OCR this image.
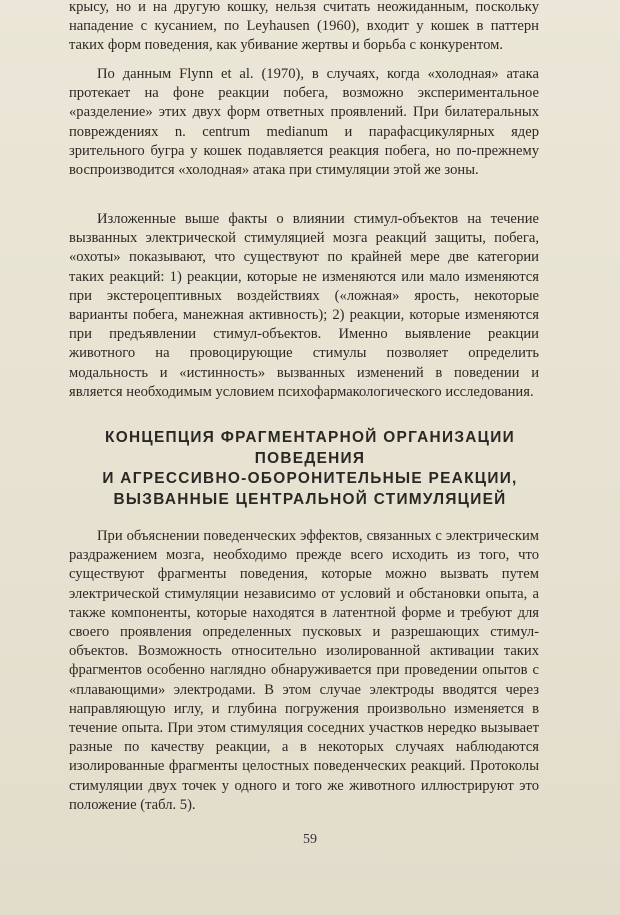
крысу, но и на другую кошку, нельзя считать неожиданным, поскольку нападение с кусанием, по Leyhausen (1960), входит у кошек в паттерн таких форм поведения, как убивание жертвы и борьба с конкурентом.

По данным Flynn et al. (1970), в случаях, когда «холодная» атака протекает на фоне реакции побега, возможно экспериментальное «разделение» этих двух форм ответных проявлений. При билатеральных повреждениях n. centrum medianum и парафасцикулярных ядер зрительного бугра у кошек подавляется реакция побега, но по-прежнему воспроизводится «холодная» атака при стимуляции этой же зоны.

Изложенные выше факты о влиянии стимул-объектов на течение вызванных электрической стимуляцией мозга реакций защиты, побега, «охоты» показывают, что существуют по крайней мере две категории таких реакций: 1) реакции, которые не изменяются или мало изменяются при экстероцептивных воздействиях («ложная» ярость, некоторые варианты побега, манежная активность); 2) реакции, которые изменяются при предъявлении стимул-объектов. Именно выявление реакции животного на провоцирующие стимулы позволяет определить модальность и «истинность» вызванных изменений в поведении и является необходимым условием психофармакологического исследования.

КОНЦЕПЦИЯ ФРАГМЕНТАРНОЙ ОРГАНИЗАЦИИ
ПОВЕДЕНИЯ
И АГРЕССИВНО-ОБОРОНИТЕЛЬНЫЕ РЕАКЦИИ,
ВЫЗВАННЫЕ ЦЕНТРАЛЬНОЙ СТИМУЛЯЦИЕЙ

При объяснении поведенческих эффектов, связанных с электрическим раздражением мозга, необходимо прежде всего исходить из того, что существуют фрагменты поведения, которые можно вызвать путем электрической стимуляции независимо от условий и обстановки опыта, а также компоненты, которые находятся в латентной форме и требуют для своего проявления определенных пусковых и разрешающих стимул-объектов. Возможность относительно изолированной активации таких фрагментов особенно наглядно обнаруживается при проведении опытов с «плавающими» электродами. В этом случае электроды вводятся через направляющую иглу, и глубина погружения произвольно изменяется в течение опыта. При этом стимуляция соседних участков нередко вызывает разные по качеству реакции, а в некоторых случаях наблюдаются изолированные фрагменты целостных поведенческих реакций. Протоколы стимуляции двух точек у одного и того же животного иллюстрируют это положение (табл. 5).

59
